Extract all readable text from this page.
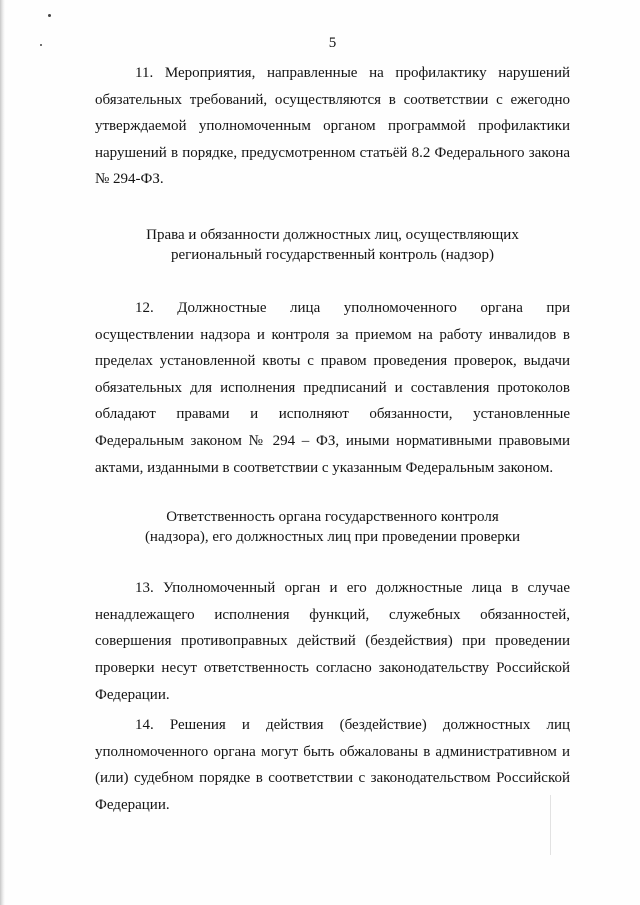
5

11. Мероприятия, направленные на профилактику нарушений обязательных требований, осуществляются в соответствии с ежегодно утверждаемой уполномоченным органом программой профилактики нарушений в порядке, предусмотренном статьёй 8.2 Федерального закона № 294-ФЗ.

Права и обязанности должностных лиц, осуществляющих
региональный государственный контроль (надзор)

12. Должностные лица уполномоченного органа при осуществлении надзора и контроля за приемом на работу инвалидов в пределах установленной квоты с правом проведения проверок, выдачи обязательных для исполнения предписаний и составления протоколов обладают правами и исполняют обязанности, установленные Федеральным законом № 294 – ФЗ, иными нормативными правовыми актами, изданными в соответствии с указанным Федеральным законом.

Ответственность органа государственного контроля
(надзора), его должностных лиц при проведении проверки

13. Уполномоченный орган и его должностные лица в случае ненадлежащего исполнения функций, служебных обязанностей, совершения противоправных действий (бездействия) при проведении проверки несут ответственность согласно законодательству Российской Федерации.

14. Решения и действия (бездействие) должностных лиц уполномоченного органа могут быть обжалованы в административном и (или) судебном порядке в соответствии с законодательством Российской Федерации.
